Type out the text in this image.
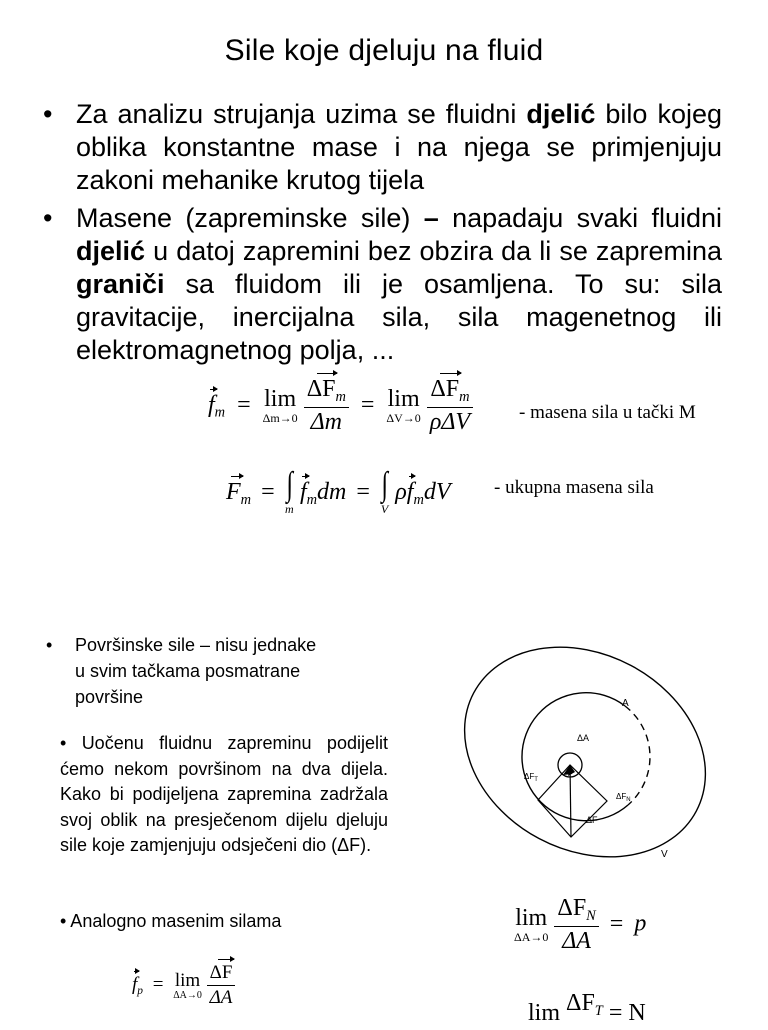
Sile koje djeluju na fluid
• Za analizu strujanja uzima se fluidni djelić bilo kojeg oblika konstantne mase i na njega se primjenjuju zakoni mehanike krutog tijela
• Masene (zapreminske sile) – napadaju svaki fluidni djelić u datoj zapremini bez obzira da li se zapremina graniči sa fluidom ili je osamljena. To su: sila gravitacije, inercijalna sila, sila magenetnog ili elektromagnetnog polja, ...
$f_m = \lim$
Δm→0
$\frac{\Delta F_m}{\Delta m} = \lim$
ΔV→0
$\frac{\Delta F_m}{\text{ρΔV}}$ - masena sila u tački M
$F_m$ = ∫
m
$f_mdm$ = ∫
V
$\rho f_mdV$ - ukupna masena sila
• Površinske sile – nisu jednake
u svim tačkama posmatrane
površine
• Uočenu fluidnu zapreminu podijelit ćemo nekom površinom na dva dijela. Kako bi podijeljena zapremina zadržala svoj oblik na presječenom dijelu djeluju sile koje zamjenjuju odsječeni dio (ΔF).
• Analogno masenim silama
$f_p = \lim$
ΔA→0
$\frac{\Delta F}{\Delta A}$
lim
ΔA→0
$\frac{\Delta F_N}{\Delta A} = p$
$\lim \Delta F_T = N$
A
ΔA
$\Delta F_T$
$\Delta F_N$
ΔF
V
